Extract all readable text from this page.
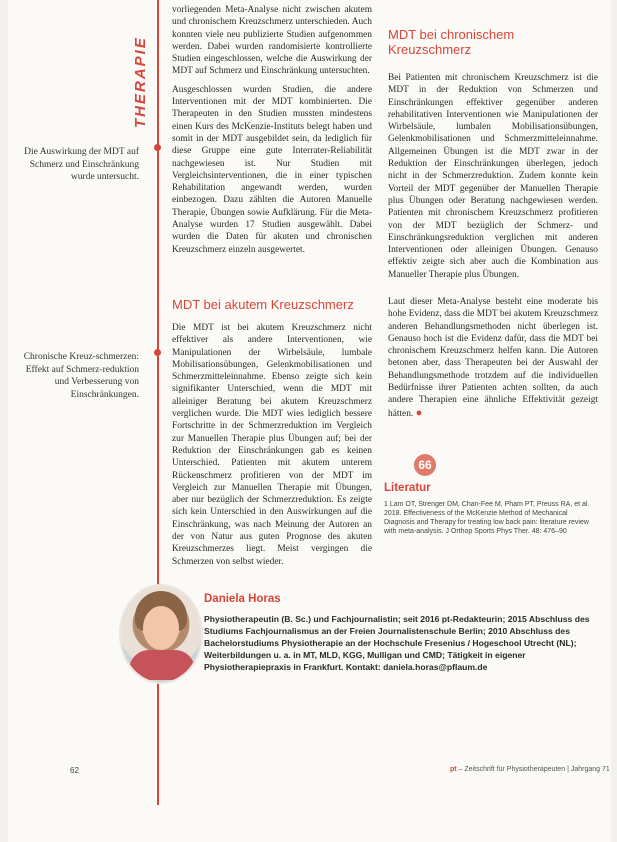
THERAPIE
Die Auswirkung der MDT auf Schmerz und Einschränkung wurde untersucht.
Chronische Kreuz-schmerzen: Effekt auf Schmerz-reduktion und Verbesserung von Einschränkungen.

vorliegenden Meta-Analyse nicht zwischen akutem und chronischem Kreuzschmerz unterschieden. Auch konnten viele neu publizierte Studien aufgenommen werden. Dabei wurden randomisierte kontrollierte Studien eingeschlossen, welche die Auswirkung der MDT auf Schmerz und Einschränkung untersuchten.

Ausgeschlossen wurden Studien, die andere Interventionen mit der MDT kombinierten. Die Therapeuten in den Studien mussten mindestens einen Kurs des McKenzie-Instituts belegt haben und somit in der MDT ausgebildet sein, da lediglich für diese Gruppe eine gute Interrater-Reliabilität nachgewiesen ist. Nur Studien mit Vergleichsinterventionen, die in einer typischen Rehabilitation angewandt werden, wurden einbezogen. Dazu zählten die Autoren Manuelle Therapie, Übungen sowie Aufklärung. Für die Meta-Analyse wurden 17 Studien ausgewählt. Dabei wurden die Daten für akuten und chronischen Kreuzschmerz einzeln ausgewertet.

MDT bei akutem Kreuzschmerz

Die MDT ist bei akutem Kreuzschmerz nicht effektiver als andere Interventionen, wie Manipulationen der Wirbelsäule, lumbale Mobilisationsübungen, Gelenkmobilisationen und Schmerzmitteleinnahme. Ebenso zeigte sich kein signifikanter Unterschied, wenn die MDT mit alleiniger Beratung bei akutem Kreuzschmerz verglichen wurde. Die MDT wies lediglich bessere Fortschritte in der Schmerzreduktion im Vergleich zur Manuellen Therapie plus Übungen auf; bei der Reduktion der Einschränkungen gab es keinen Unterschied. Patienten mit akutem unterem Rückenschmerz profitieren von der MDT im Vergleich zur Manuellen Therapie mit Übungen, aber nur bezüglich der Schmerzreduktion. Es zeigte sich kein Unterschied in den Auswirkungen auf die Einschränkung, was nach Meinung der Autoren an der von Natur aus guten Prognose des akuten Kreuzschmerzes liegt. Meist vergingen die Schmerzen von selbst wieder.

MDT bei chronischem Kreuzschmerz

Bei Patienten mit chronischem Kreuzschmerz ist die MDT in der Reduktion von Schmerzen und Einschränkungen effektiver gegenüber anderen rehabilitativen Interventionen wie Manipulationen der Wirbelsäule, lumbalen Mobilisationsübungen, Gelenkmobilisationen und Schmerzmitteleinnahme. Allgemeinen Übungen ist die MDT zwar in der Reduktion der Einschränkungen überlegen, jedoch nicht in der Schmerzreduktion. Zudem konnte kein Vorteil der MDT gegenüber der Manuellen Therapie plus Übungen oder Beratung nachgewiesen werden. Patienten mit chronischem Kreuzschmerz profitieren von der MDT bezüglich der Schmerz- und Einschränkungsreduktion verglichen mit anderen Interventionen oder alleinigen Übungen. Genauso effektiv zeigte sich aber auch die Kombination aus Manueller Therapie plus Übungen.

Laut dieser Meta-Analyse besteht eine moderate bis hohe Evidenz, dass die MDT bei akutem Kreuzschmerz anderen Behandlungsmethoden nicht überlegen ist. Genauso hoch ist die Evidenz dafür, dass die MDT bei chronischem Kreuzschmerz helfen kann. Die Autoren betonen aber, dass Therapeuten bei der Auswahl der Behandlungsmethode trotzdem auf die individuellen Bedürfnisse ihrer Patienten achten sollten, da auch andere Therapien eine ähnliche Effektivität gezeigt hätten. ●

66
Literatur
1 Lam OT, Strenger DM, Chan-Fee M, Pham PT, Preuss RA, et al. 2018. Effectiveness of the McKenzie Method of Mechanical Diagnosis and Therapy for treating low back pain: literature review with meta-analysis. J Orthop Sports Phys Ther. 48: 476–90
Daniela Horas

Physiotherapeutin (B. Sc.) und Fachjournalistin; seit 2016 pt-Redakteurin; 2015 Abschluss des Studiums Fachjournalismus an der Freien Journalistenschule Berlin; 2010 Abschluss des Bachelorstudiums Physiotherapie an der Hochschule Fresenius / Hogeschool Utrecht (NL); Weiterbildungen u. a. in MT, MLD, KGG, Mulligan und CMD; Tätigkeit in eigener Physiotherapiepraxis in Frankfurt. Kontakt: daniela.horas@pflaum.de

62	pt – Zeitschrift für Physiotherapeuten | Jahrgang 71
